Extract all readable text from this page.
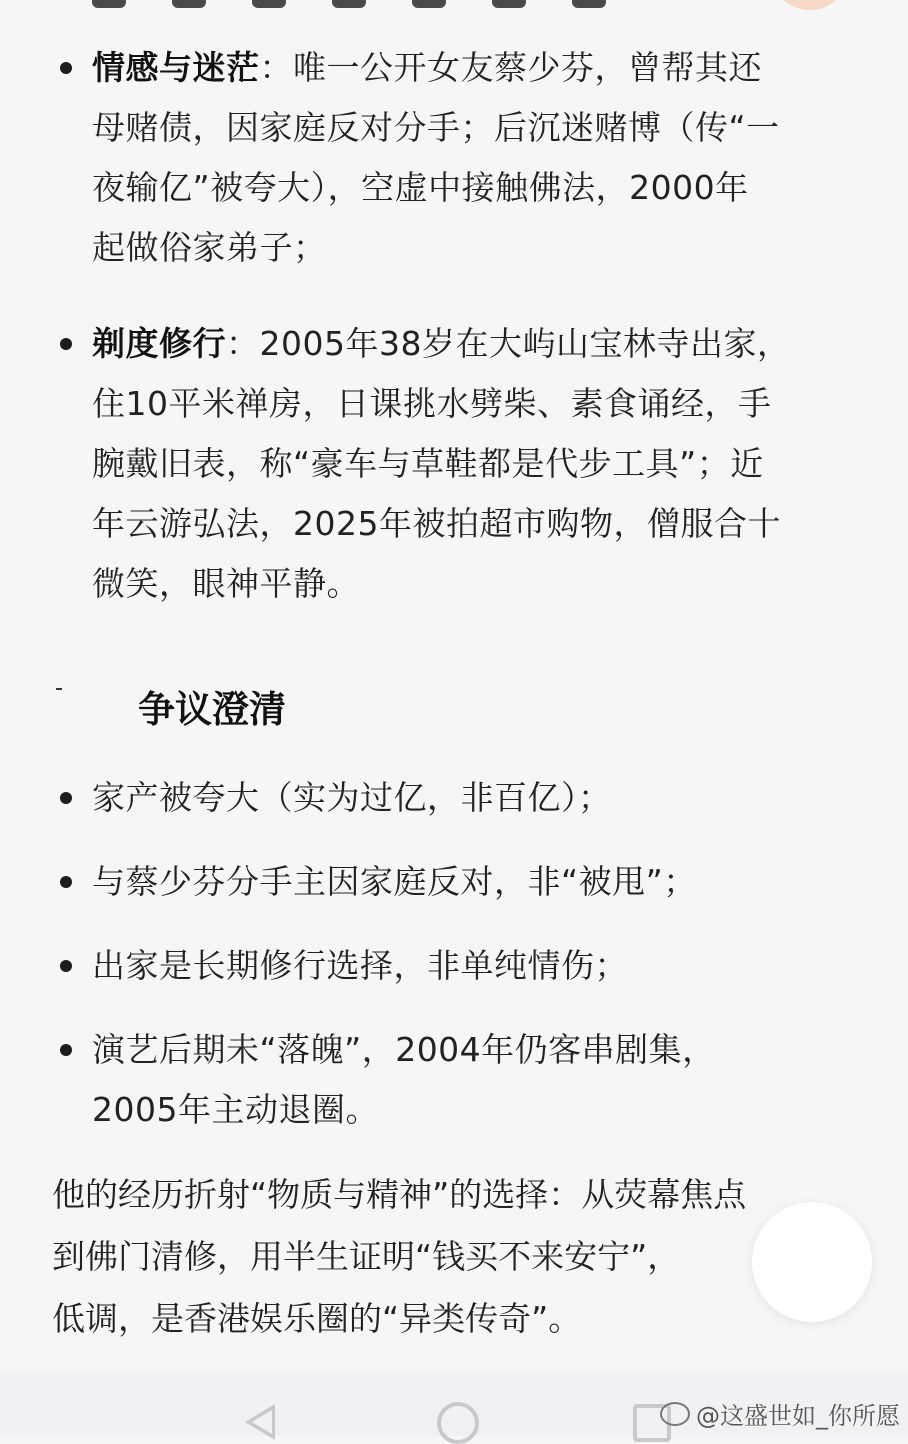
情感与迷茫：唯一公开女友蔡少芬，曾帮其还
母赌债，因家庭反对分手；后沉迷赌博（传“一
夜输亿”被夸大），空虚中接触佛法，2000年
起做俗家弟子；

剃度修行：2005年38岁在大屿山宝林寺出家，
住10平米禅房，日课挑水劈柴、素食诵经，手
腕戴旧表，称“豪车与草鞋都是代步工具”；近
年云游弘法，2025年被拍超市购物，僧服合十
微笑，眼神平静。

争议澄清

家产被夸大（实为过亿，非百亿）；

与蔡少芬分手主因家庭反对，非“被甩”；

出家是长期修行选择，非单纯情伤；

演艺后期未“落魄”，2004年仍客串剧集，
2005年主动退圈。

他的经历折射“物质与精神”的选择：从荧幕焦点
到佛门清修，用半生证明“钱买不来安宁”，
低调，是香港娱乐圈的“异类传奇”。

@这盛世如_你所愿
